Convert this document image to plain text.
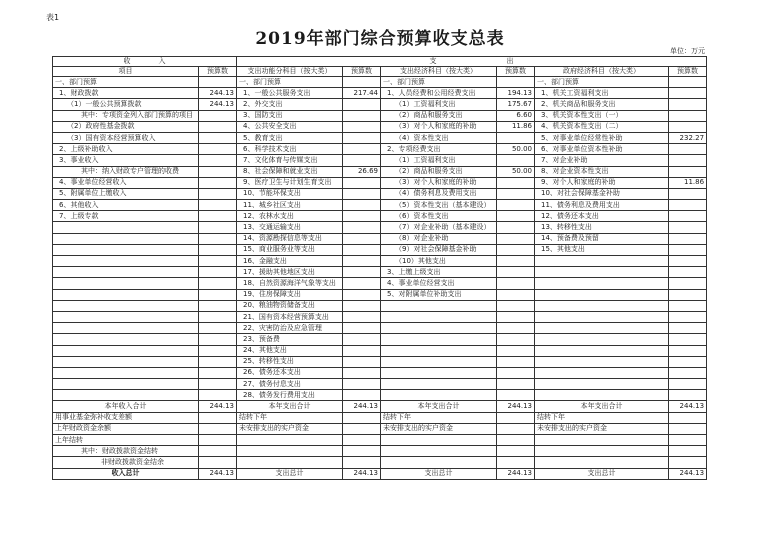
表1
2019年部门综合预算收支总表
单位：万元
收　　　　入		支　　　　　　　　　　出					
项目	预算数	支出功能分科目（按大类）	预算数	支出经济科目（按大类）	预算数	政府经济科目（按大类）	预算数
一、部门预算		一、部门预算		一、部门预算		一、部门预算	
1、财政拨款	244.13	1、一般公共服务支出	217.44	1、人员经费和公用经费支出	194.13	1、机关工资福利支出	
（1）一般公共预算拨款	244.13	2、外交支出		（1）工资福利支出	175.67	2、机关商品和服务支出	
其中：专项资金列入部门预算的项目		3、国防支出		（2）商品和服务支出	6.60	3、机关资本性支出（一）	
（2）政府性基金拨款		4、公共安全支出		（3）对个人和家庭的补助	11.86	4、机关资本性支出（二）	
（3）国有资本经营预算收入		5、教育支出		（4）资本性支出		5、对事业单位经常性补助	232.27
2、上级补助收入		6、科学技术支出		2、专项经费支出	50.00	6、对事业单位资本性补助	
3、事业收入		7、文化体育与传媒支出		（1）工资福利支出		7、对企业补助	
其中：纳入财政专户管理的收费		8、社会保障和就业支出	26.69	（2）商品和服务支出	50.00	8、对企业资本性支出	
4、事业单位经营收入		9、医疗卫生与计划生育支出		（3）对个人和家庭的补助		9、对个人和家庭的补助	11.86
5、附属单位上缴收入		10、节能环保支出		（4）债务利息及费用支出		10、对社会保障基金补助	
6、其他收入		11、城乡社区支出		（5）资本性支出（基本建设）		11、债务利息及费用支出	
7、上级专款		12、农林水支出		（6）资本性支出		12、债务还本支出	
		13、交通运输支出		（7）对企业补助（基本建设）		13、转移性支出	
		14、资源勘探信息等支出		（8）对企业补助		14、预备费及预留	
		15、商业服务业等支出		（9）对社会保障基金补助		15、其他支出	
		16、金融支出		（10）其他支出			
		17、援助其他地区支出		3、上缴上级支出			
		18、自然资源海洋气象等支出		4、事业单位经营支出			
		19、住房保障支出		5、对附属单位补助支出			
		20、粮油物资储备支出					
		21、国有资本经营预算支出					
		22、灾害防治及应急管理					
		23、预备费					
		24、其他支出					
		25、转移性支出					
		26、债务还本支出					
		27、债务付息支出					
		28、债务发行费用支出					
本年收入合计	244.13	本年支出合计	244.13	本年支出合计	244.13	本年支出合计	244.13
用事业基金弥补收支差额		结转下年		结转下年		结转下年	
上年财政资金余额		未安排支出的实户资金		未安排支出的实户资金		未安排支出的实户资金	
上年结转							
其中：财政拨款资金结转							
非财政拨款资金结余							
收入总计	244.13	支出总计	244.13	支出总计	244.13	支出总计	244.13
